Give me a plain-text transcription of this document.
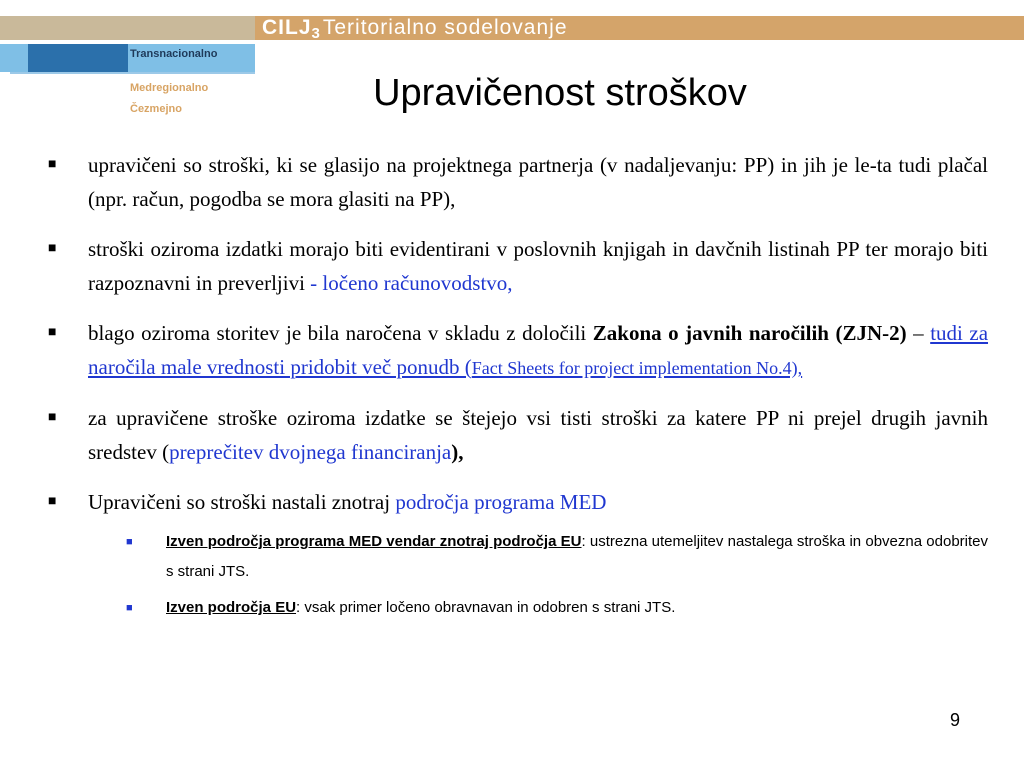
CILJ3Teritorialno sodelovanje
Transnacionalno
Medregionalno
Čezmejno	Upravičenost stroškov
■	upravičeni so stroški, ki se glasijo na projektnega partnerja (v nadaljevanju: PP) in jih je le-ta tudi plačal (npr. račun, pogodba se mora glasiti na PP),
■	stroški oziroma izdatki morajo biti evidentirani v poslovnih knjigah in davčnih listinah PP ter morajo biti razpoznavni in preverljivi - ločeno računovodstvo,
■	blago oziroma storitev je bila naročena v skladu z določili Zakona o javnih naročilih (ZJN-2) – tudi za naročila male vrednosti pridobit več ponudb (Fact Sheets for project implementation No.4),
■	za upravičene stroške oziroma izdatke se štejejo vsi tisti stroški za katere PP ni prejel drugih javnih sredstev (preprečitev dvojnega financiranja),
■	Upravičeni so stroški nastali znotraj področja programa MED
■	Izven področja programa MED vendar znotraj področja EU: ustrezna utemeljitev nastalega stroška in obvezna odobritev s strani JTS.
■	Izven področja EU: vsak primer ločeno obravnavan in odobren s strani JTS.
9
